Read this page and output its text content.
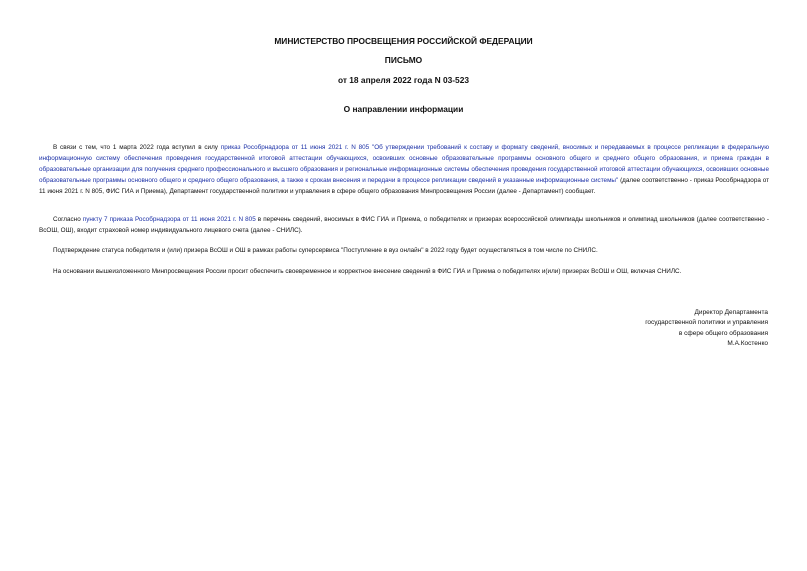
МИНИСТЕРСТВО ПРОСВЕЩЕНИЯ РОССИЙСКОЙ ФЕДЕРАЦИИ
ПИСЬМО
от 18 апреля 2022 года N 03-523
О направлении информации

В связи с тем, что 1 марта 2022 года вступил в силу приказ Рособрнадзора от 11 июня 2021 г. N 805 "Об утверждении требований к составу и формату сведений, вносимых и передаваемых в процессе репликации в федеральную информационную систему обеспечения проведения государственной итоговой аттестации обучающихся, освоивших основные образовательные программы основного общего и среднего общего образования, и приема граждан в образовательные организации для получения среднего профессионального и высшего образования и региональные информационные системы обеспечения проведения государственной итоговой аттестации обучающихся, освоивших основные образовательные программы основного общего и среднего общего образования, а также к срокам внесения и передачи в процессе репликации сведений в указанные информационные системы" (далее соответственно - приказ Рособрнадзора от 11 июня 2021 г. N 805, ФИС ГИА и Приема), Департамент государственной политики и управления в сфере общего образования Минпросвещения России (далее - Департамент) сообщает.

Согласно пункту 7 приказа Рособрнадзора от 11 июня 2021 г. N 805 в перечень сведений, вносимых в ФИС ГИА и Приема, о победителях и призерах всероссийской олимпиады школьников и олимпиад школьников (далее соответственно - ВсОШ, ОШ), входит страховой номер индивидуального лицевого счета (далее - СНИЛС).

Подтверждение статуса победителя и (или) призера ВсОШ и ОШ в рамках работы суперсервиса "Поступление в вуз онлайн" в 2022 году будет осуществляться в том числе по СНИЛС.

На основании вышеизложенного Минпросвещения России просит обеспечить своевременное и корректное внесение сведений в ФИС ГИА и Приема о победителях и(или) призерах ВсОШ и ОШ, включая СНИЛС.

Директор Департамента
государственной политики и управления
в сфере общего образования
М.А.Костенко
